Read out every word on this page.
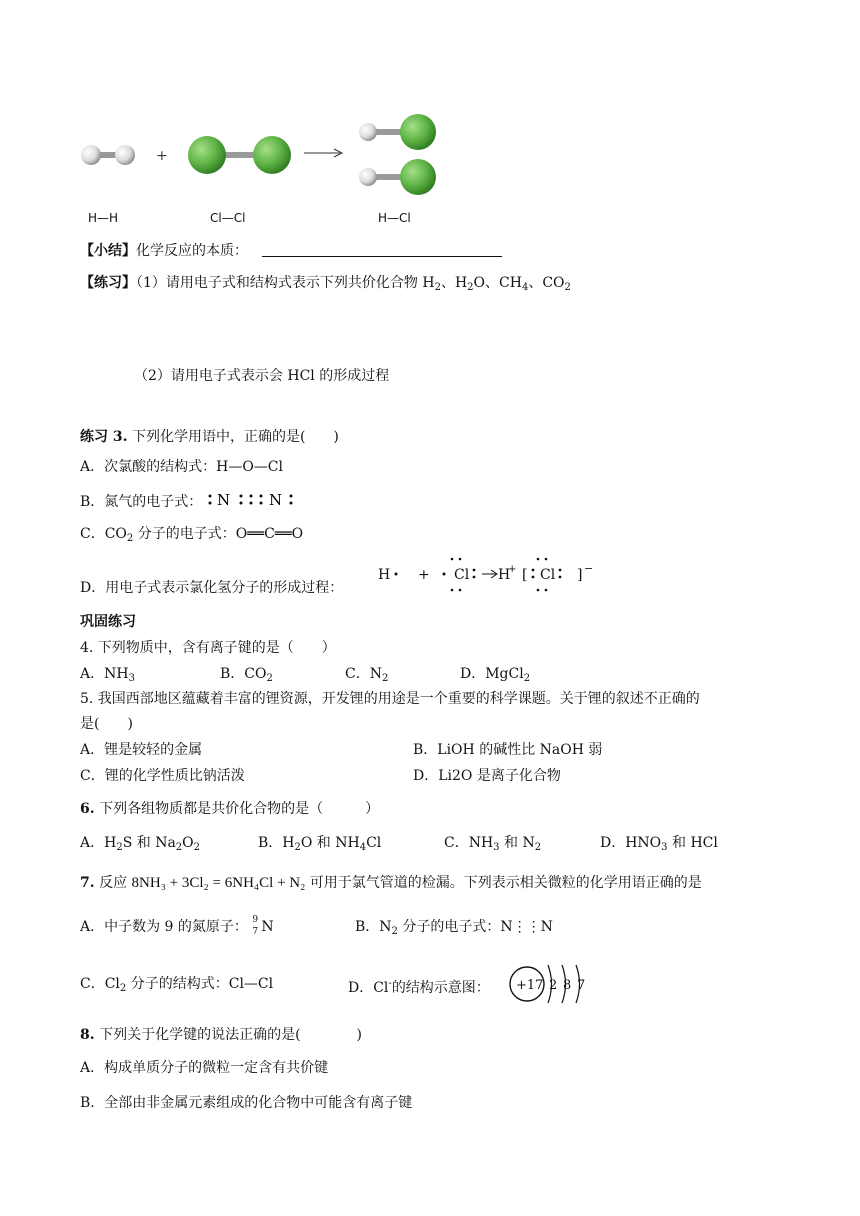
+
H—H	Cl—Cl	H—Cl
【小结】化学反应的本质：
【练习】（1）请用电子式和结构式表示下列共价化合物 $H_2$、$H_2O$、$CH_4$、$CO_2$
（2）请用电子式表示会 HCl 的形成过程
练习 3. 下列化学用语中，正确的是(　　)
A．次氯酸的结构式：H—O—Cl
B．氮气的电子式： N	N
C．$CO_2$ 分子的电子式：O══C══O
D．用电子式表示氯化氢分子的形成过程：
H + Cl H
+ [ Cl ] −
巩固练习
4. 下列物质中，含有离子键的是（　　）
A．$NH_3$	B．$CO_2$	C．$N_2$	D．MgCl$_2$
5. 我国西部地区蕴藏着丰富的锂资源，开发锂的用途是一个重要的科学课题。关于锂的叙述不正确的
是(　　)
A．锂是较轻的金属	B．LiOH 的碱性比 NaOH 弱
C．锂的化学性质比钠活泼	D．Li2O 是离子化合物
6. 下列各组物质都是共价化合物的是（　　　）
A．$H_2S$ 和 $Na_2O_2$	B．$H_2O$ 和 $NH_4Cl$	C．$NH_3$ 和 $N_2$	D．$HNO_3$ 和 HCl
7. 反应 8NH₃ + 3Cl₂ = 6NH₄Cl + N₂ 可用于氯气管道的检漏。下列表示相关微粒的化学用语正确的是
A．中子数为 9 的氮原子： 9
7 N	B．$N_2$ 分子的电子式：N⋮⋮N
C．$Cl_2$ 分子的结构式：Cl—Cl	D．Cl-的结构示意图： +17 2 8 7
8. 下列关于化学键的说法正确的是(　　　　)
A．构成单质分子的微粒一定含有共价键
B．全部由非金属元素组成的化合物中可能含有离子键
